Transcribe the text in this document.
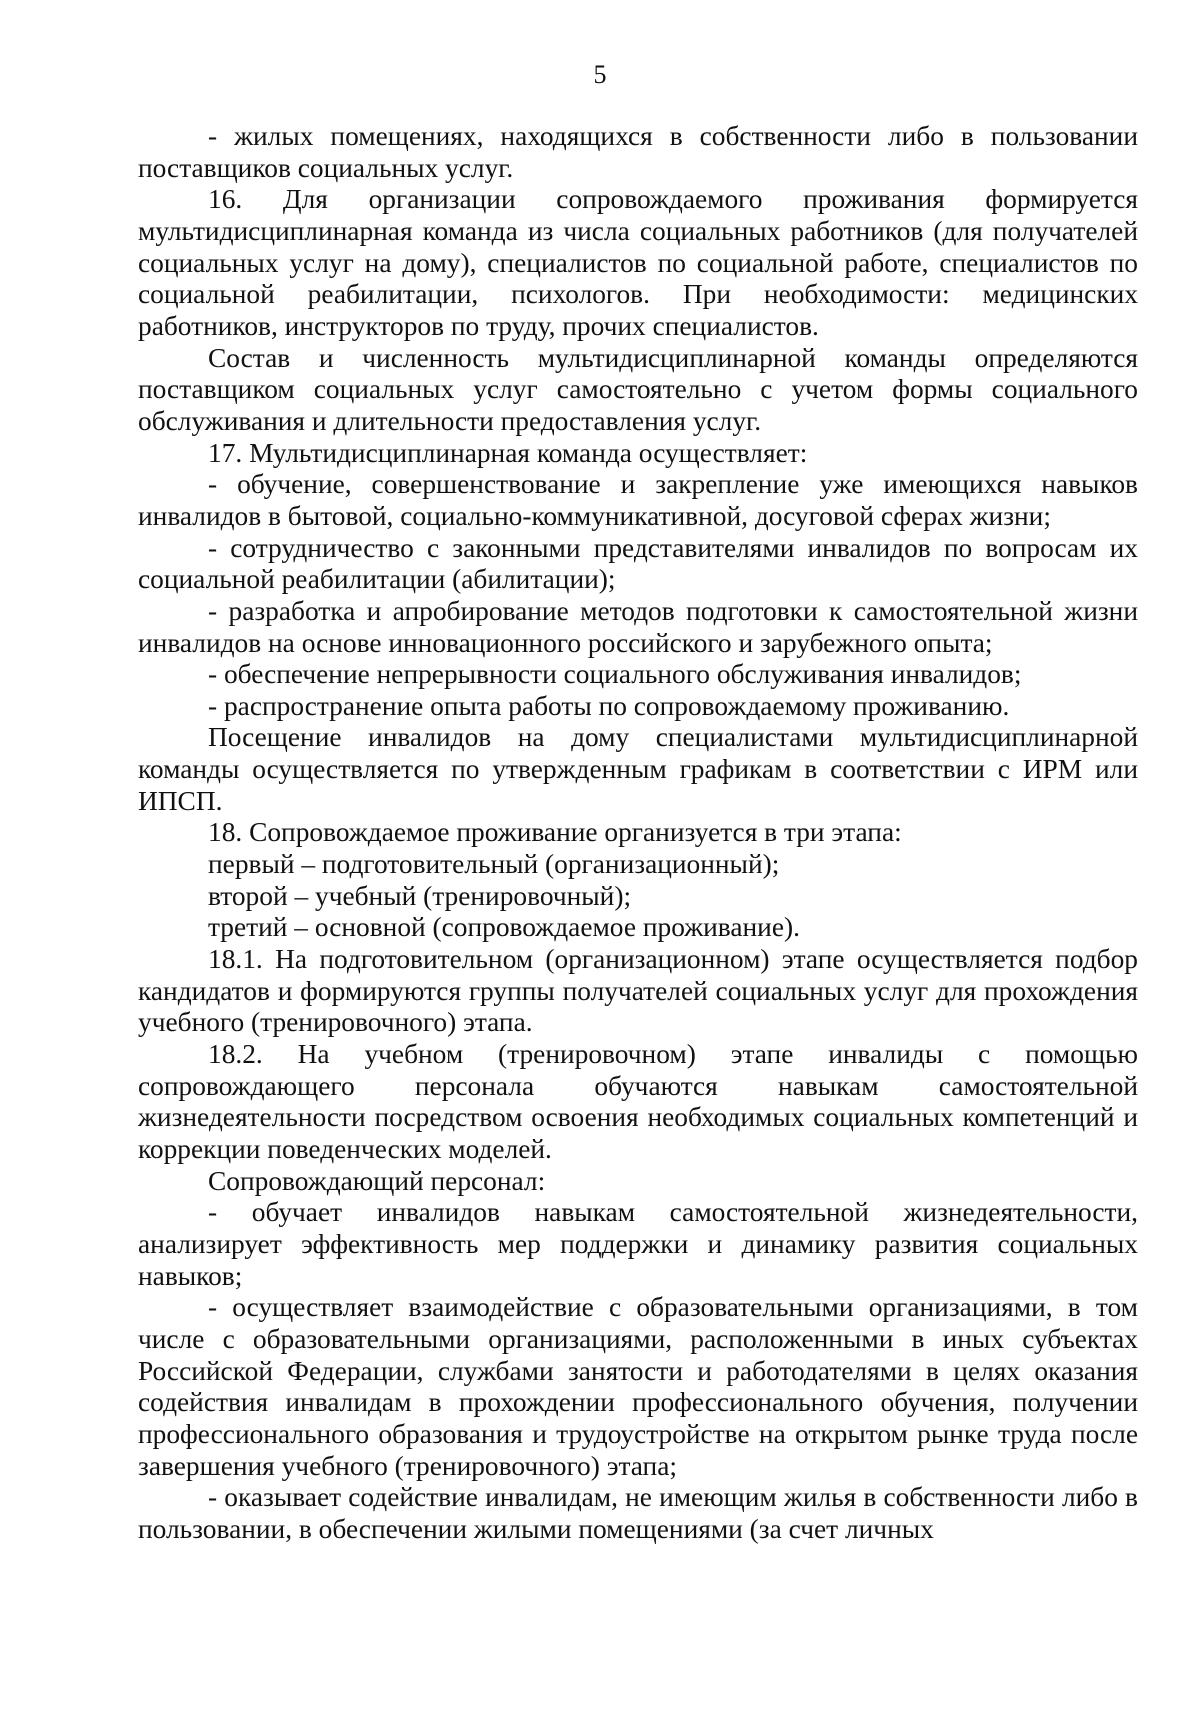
5

- жилых помещениях, находящихся в собственности либо в пользовании поставщиков социальных услуг.

16. Для организации сопровождаемого проживания формируется мультидисциплинарная команда из числа социальных работников (для получателей социальных услуг на дому), специалистов по социальной работе, специалистов по социальной реабилитации, психологов. При необходимости: медицинских работников, инструкторов по труду, прочих специалистов.

Состав и численность мультидисциплинарной команды определяются поставщиком социальных услуг самостоятельно с учетом формы социального обслуживания и длительности предоставления услуг.

17. Мультидисциплинарная команда осуществляет:

- обучение, совершенствование и закрепление уже имеющихся навыков инвалидов в бытовой, социально-коммуникативной, досуговой сферах жизни;

- сотрудничество с законными представителями инвалидов по вопросам их социальной реабилитации (абилитации);

- разработка и апробирование методов подготовки к самостоятельной жизни инвалидов на основе инновационного российского и зарубежного опыта;

- обеспечение непрерывности социального обслуживания инвалидов;

- распространение опыта работы по сопровождаемому проживанию.

Посещение инвалидов на дому специалистами мультидисциплинарной команды осуществляется по утвержденным графикам в соответствии с ИРМ или ИПСП.

18. Сопровождаемое проживание организуется в три этапа:

первый – подготовительный (организационный);

второй – учебный (тренировочный);

третий – основной (сопровождаемое проживание).

18.1. На подготовительном (организационном) этапе осуществляется подбор кандидатов и формируются группы получателей социальных услуг для прохождения учебного (тренировочного) этапа.

18.2. На учебном (тренировочном) этапе инвалиды с помощью сопровождающего персонала обучаются навыкам самостоятельной жизнедеятельности посредством освоения необходимых социальных компетенций и коррекции поведенческих моделей.

Сопровождающий персонал:

- обучает инвалидов навыкам самостоятельной жизнедеятельности, анализирует эффективность мер поддержки и динамику развития социальных навыков;

- осуществляет взаимодействие с образовательными организациями, в том числе с образовательными организациями, расположенными в иных субъектах Российской Федерации, службами занятости и работодателями в целях оказания содействия инвалидам в прохождении профессионального обучения, получении профессионального образования и трудоустройстве на открытом рынке труда после завершения учебного (тренировочного) этапа;

- оказывает содействие инвалидам, не имеющим жилья в собственности либо в пользовании, в обеспечении жилыми помещениями (за счет личных
